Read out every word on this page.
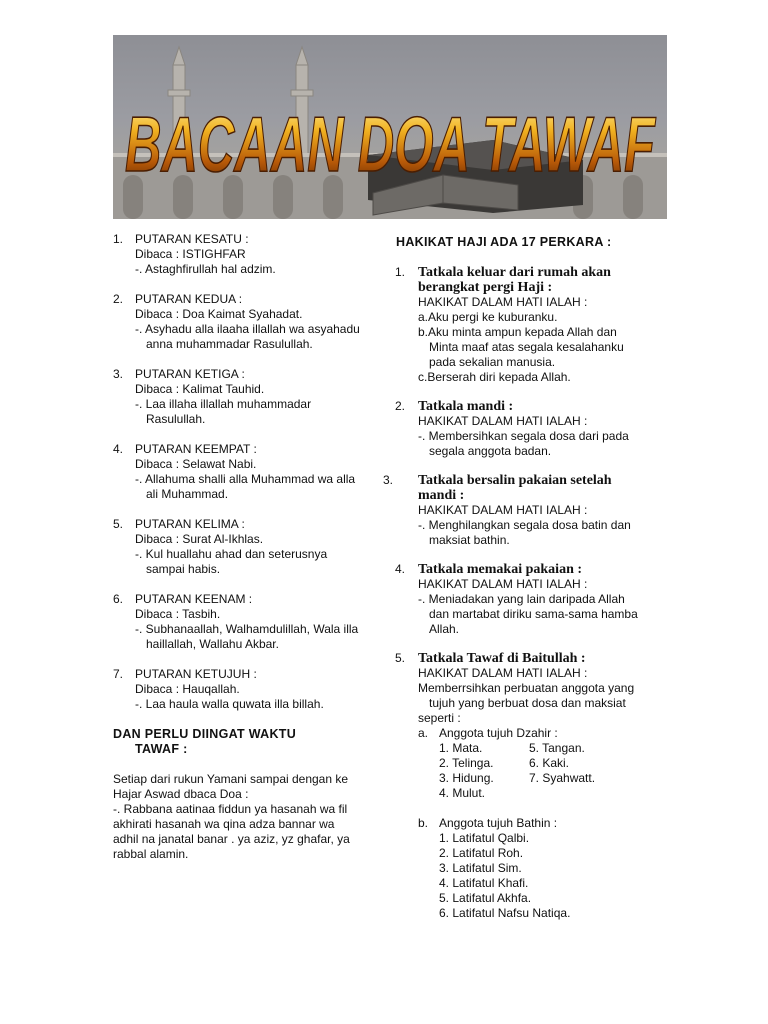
BACAAN DOA TAWAF
1. PUTARAN KESATU :
Dibaca : ISTIGHFAR
-. Astaghfirullah hal adzim.
2. PUTARAN KEDUA :
Dibaca : Doa Kaimat Syahadat.
-. Asyhadu alla ilaaha illallah wa asyahadu
anna muhammadar Rasulullah.
3. PUTARAN KETIGA :
Dibaca : Kalimat Tauhid.
-. Laa illaha illallah muhammadar
Rasulullah.
4. PUTARAN KEEMPAT :
Dibaca : Selawat Nabi.
-. Allahuma shalli alla Muhammad wa alla
ali Muhammad.
5. PUTARAN KELIMA :
Dibaca : Surat Al-Ikhlas.
-. Kul huallahu ahad dan seterusnya
sampai habis.
6. PUTARAN KEENAM :
Dibaca : Tasbih.
-. Subhanaallah, Walhamdulillah, Wala illa
haillallah, Wallahu Akbar.
7. PUTARAN KETUJUH :
Dibaca : Hauqallah.
-. Laa haula walla quwata illa billah.
DAN PERLU DIINGAT WAKTU
TAWAF :
Setiap dari rukun Yamani sampai dengan ke
Hajar Aswad dbaca Doa :
-. Rabbana aatinaa fiddun ya hasanah wa fil
akhirati hasanah wa qina adza bannar wa
adhil na janatal banar . ya aziz, yz ghafar, ya
rabbal alamin.
HAKIKAT HAJI ADA 17 PERKARA :
1. Tatkala keluar dari rumah akan
berangkat pergi Haji :
HAKIKAT DALAM HATI IALAH :
a.Aku pergi ke kuburanku.
b.Aku minta ampun kepada Allah dan
Minta maaf atas segala kesalahanku
pada sekalian manusia.
c.Berserah diri kepada Allah.
2. Tatkala mandi :
HAKIKAT DALAM HATI IALAH :
-. Membersihkan segala dosa dari pada
segala anggota badan.
3. Tatkala bersalin pakaian setelah
mandi :
HAKIKAT DALAM HATI IALAH :
-. Menghilangkan segala dosa batin dan
maksiat bathin.
4. Tatkala memakai pakaian :
HAKIKAT DALAM HATI IALAH :
-. Meniadakan yang lain daripada Allah
dan martabat diriku sama-sama hamba
Allah.
5. Tatkala Tawaf di Baitullah :
HAKIKAT DALAM HATI IALAH :
Memberrsihkan perbuatan anggota yang
tujuh yang berbuat dosa dan maksiat
seperti :
a. Anggota tujuh Dzahir :
1. Mata.	5. Tangan.
2. Telinga.	6. Kaki.
3. Hidung.	7. Syahwatt.
4. Mulut.
b. Anggota tujuh Bathin :
1. Latifatul Qalbi.
2. Latifatul Roh.
3. Latifatul Sim.
4. Latifatul Khafi.
5. Latifatul Akhfa.
6. Latifatul Nafsu Natiqa.
